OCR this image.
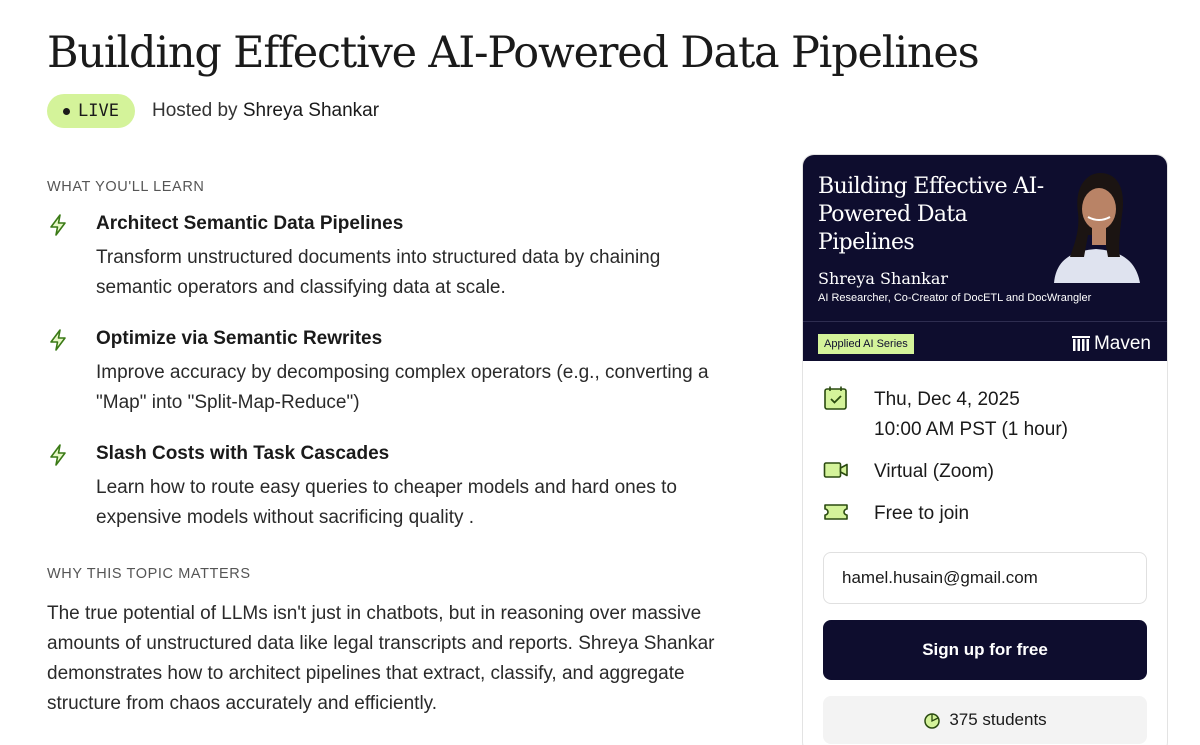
Building Effective AI-Powered Data Pipelines
LIVE Hosted by Shreya Shankar
WHAT YOU'LL LEARN
Architect Semantic Data Pipelines
Transform unstructured documents into structured data by chaining semantic operators and classifying data at scale.
Optimize via Semantic Rewrites
Improve accuracy by decomposing complex operators (e.g., converting a "Map" into "Split-Map-Reduce")
Slash Costs with Task Cascades
Learn how to route easy queries to cheaper models and hard ones to expensive models without sacrificing quality .
WHY THIS TOPIC MATTERS
The true potential of LLMs isn't just in chatbots, but in reasoning over massive amounts of unstructured data like legal transcripts and reports. Shreya Shankar demonstrates how to architect pipelines that extract, classify, and aggregate structure from chaos accurately and efficiently.
Building Effective AI-Powered Data Pipelines
Shreya Shankar
AI Researcher, Co-Creator of DocETL and DocWrangler
Applied AI Series	Maven
Thu, Dec 4, 2025
10:00 AM PST (1 hour)
Virtual (Zoom)
Free to join
hamel.husain@gmail.com
Sign up for free
375 students
